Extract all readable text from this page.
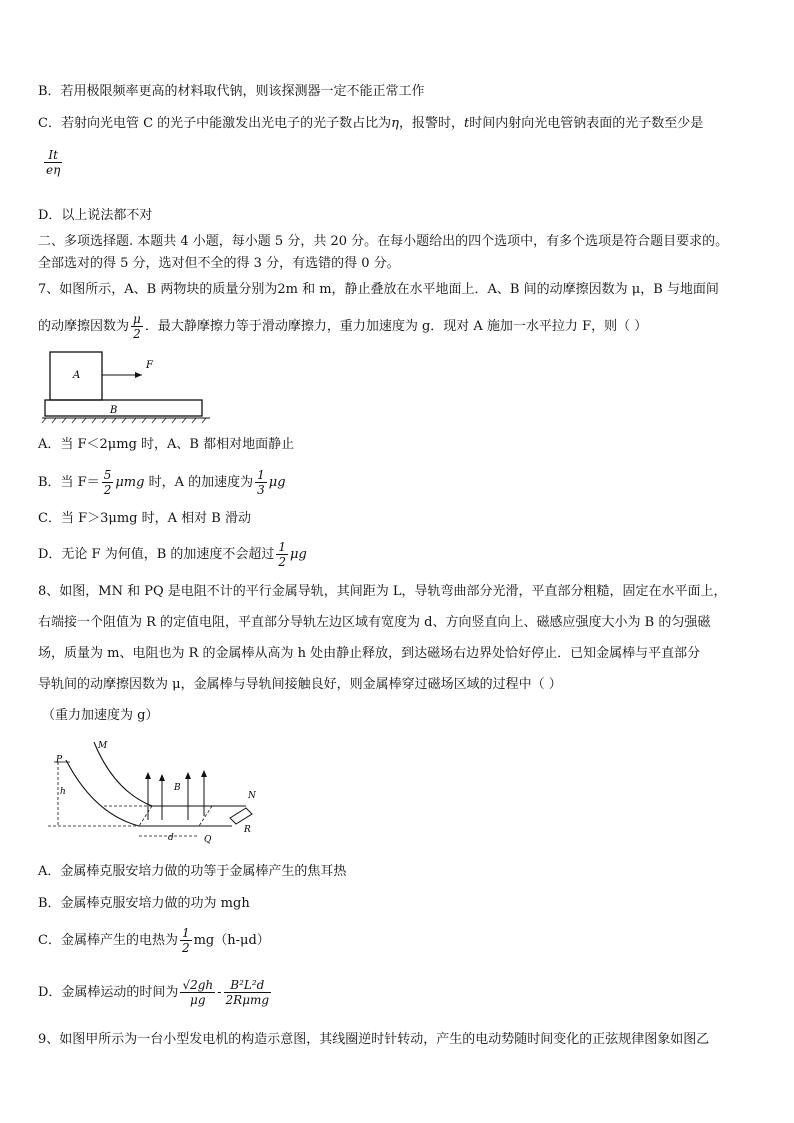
B．若用极限频率更高的材料取代钠，则该探测器一定不能正常工作
C．若射向光电管 C 的光子中能激发出光电子的光子数占比为η，报警时，t时间内射向光电管钠表面的光子数至少是
$\frac{It}{e\eta}$
D．以上说法都不对
二、多项选择题. 本题共 4 小题，每小题 5 分，共 20 分。在每小题给出的四个选项中，有多个选项是符合题目要求的。
全部选对的得 5 分，选对但不全的得 3 分，有选错的得 0 分。
7、如图所示，A、B 两物块的质量分别为2m 和 m，静止叠放在水平地面上．A、B 间的动摩擦因数为 μ，B 与地面间
的动摩擦因数为 $\frac{\mu}{2}$ ．最大静摩擦力等于滑动摩擦力，重力加速度为 g．现对 A 施加一水平拉力 F，则（ ）
A
F
B
A．当 F＜2μmg 时，A、B 都相对地面静止
B．当 $F= \frac{5}{2}$ μmg 时，A 的加速度为 $\frac{1}{3}$ μg
C．当 F＞3μmg 时，A 相对 B 滑动
D．无论 F 为何值，B 的加速度不会超过 $\frac{1}{2}$ μg
8、如图，MN 和 PQ 是电阻不计的平行金属导轨，其间距为 L，导轨弯曲部分光滑，平直部分粗糙，固定在水平面上，
右端接一个阻值为 R 的定值电阻，平直部分导轨左边区域有宽度为 d、方向竖直向上、磁感应强度大小为 B 的匀强磁
场，质量为 m、电阻也为 R 的金属棒从高为 h 处由静止释放，到达磁场右边界处恰好停止．已知金属棒与平直部分
导轨间的动摩擦因数为 μ，金属棒与导轨间接触良好，则金属棒穿过磁场区域的过程中（ ）
（重力加速度为 g）
M
P
h	B
N
R
d	Q
A．金属棒克服安培力做的功等于金属棒产生的焦耳热
B．金属棒克服安培力做的功为 mgh
C．金属棒产生的电热为 $\frac{1}{2} mg(h-\mu d)$
D．金属棒运动的时间为 $\frac{√2gh}{\mu g} - \frac{\text{B²L²d}}{\text{2Rμmg}}$
9、如图甲所示为一台小型发电机的构造示意图，其线圈逆时针转动，产生的电动势随时间变化的正弦规律图象如图乙
